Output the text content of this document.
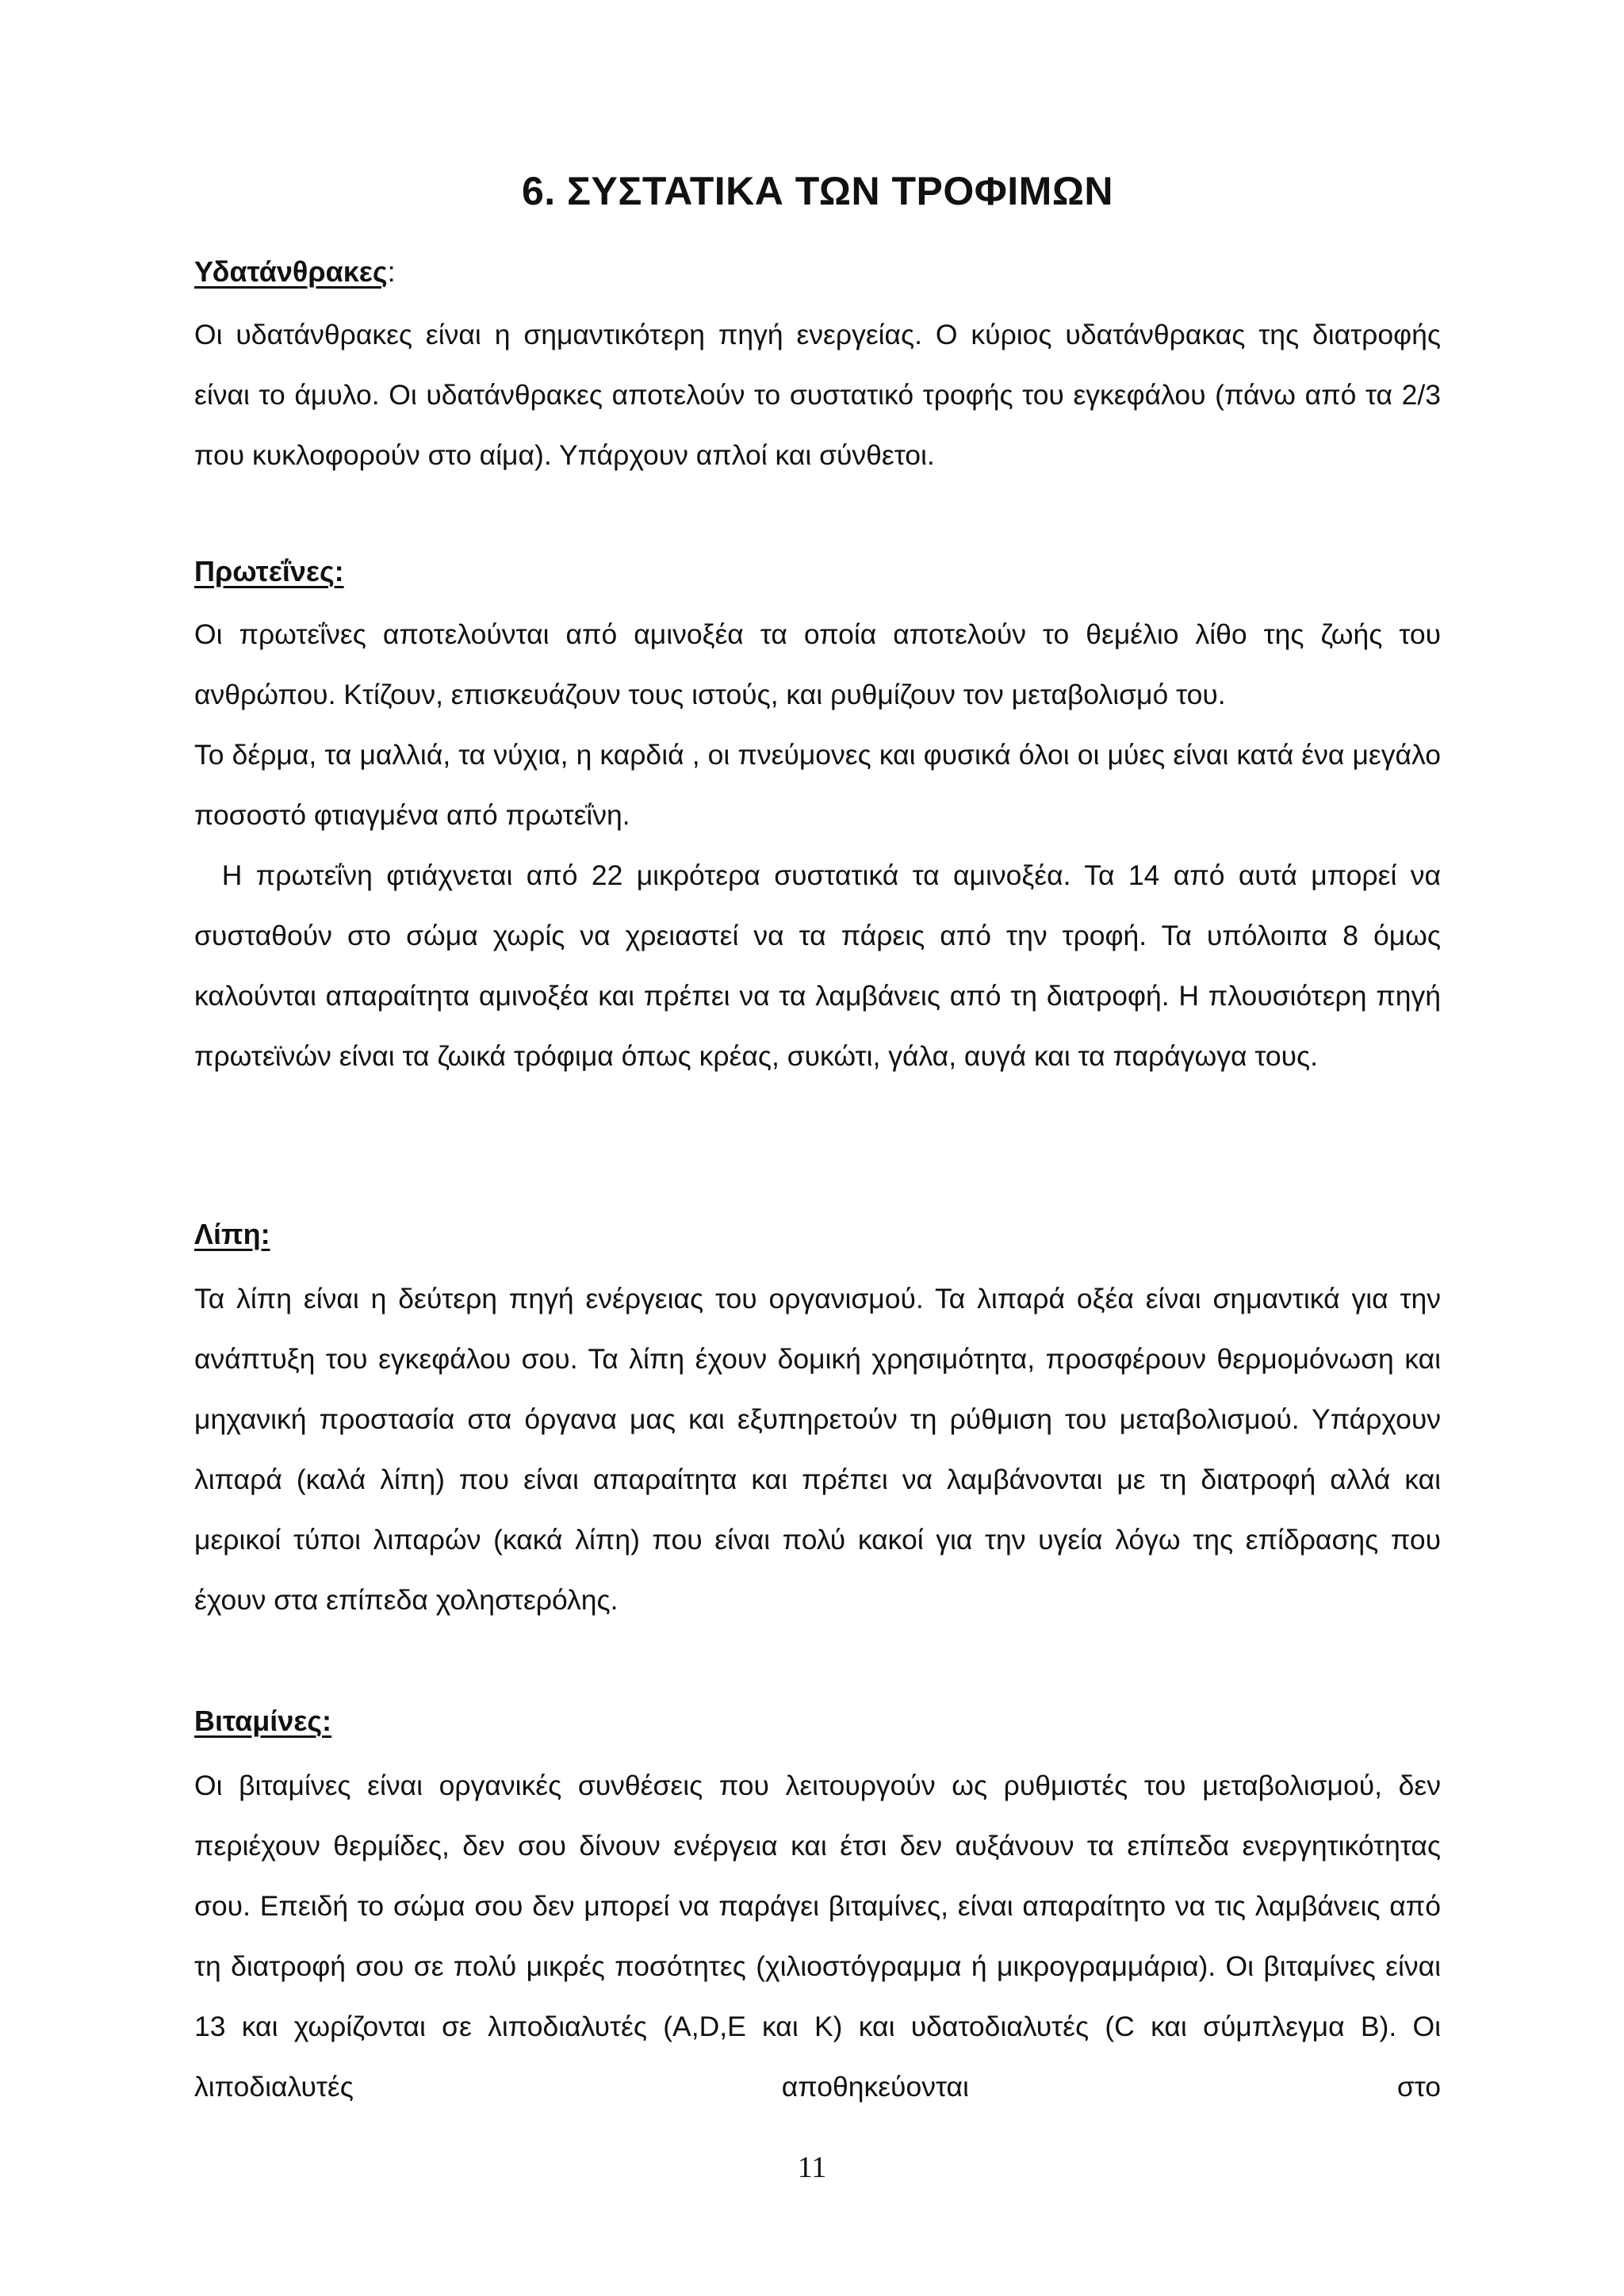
6. ΣΥΣΤΑΤΙΚΑ ΤΩΝ ΤΡΟΦΙΜΩΝ
Υδατάνθρακες:

Οι υδατάνθρακες είναι η σημαντικότερη πηγή ενεργείας. Ο κύριος υδατάνθρακας της διατροφής είναι το άμυλο. Οι υδατάνθρακες αποτελούν το συστατικό τροφής του εγκεφάλου (πάνω από τα 2/3 που κυκλοφορούν στο αίμα). Υπάρχουν απλοί και σύνθετοι.

Πρωτεΐνες:

Οι πρωτεΐνες αποτελούνται από αμινοξέα τα οποία αποτελούν το θεμέλιο λίθο της ζωής του ανθρώπου. Κτίζουν, επισκευάζουν τους ιστούς, και ρυθμίζουν τον μεταβολισμό του.

Το δέρμα, τα μαλλιά, τα νύχια, η καρδιά , οι πνεύμονες και φυσικά όλοι οι μύες είναι κατά ένα μεγάλο ποσοστό φτιαγμένα από πρωτεΐνη.

Η πρωτεΐνη φτιάχνεται από 22 μικρότερα συστατικά τα αμινοξέα. Τα 14 από αυτά μπορεί να συσταθούν στο σώμα χωρίς να χρειαστεί να τα πάρεις από την τροφή. Τα υπόλοιπα 8 όμως καλούνται απαραίτητα αμινοξέα και πρέπει να τα λαμβάνεις από τη διατροφή. Η πλουσιότερη πηγή πρωτεϊνών είναι τα ζωικά τρόφιμα όπως κρέας, συκώτι, γάλα, αυγά και τα παράγωγα τους.

Λίπη:

Τα λίπη είναι η δεύτερη πηγή ενέργειας του οργανισμού. Τα λιπαρά οξέα είναι σημαντικά για την ανάπτυξη του εγκεφάλου σου. Τα λίπη έχουν δομική χρησιμότητα, προσφέρουν θερμομόνωση και μηχανική προστασία στα όργανα μας και εξυπηρετούν τη ρύθμιση του μεταβολισμού. Υπάρχουν λιπαρά (καλά λίπη) που είναι απαραίτητα και πρέπει να λαμβάνονται με τη διατροφή αλλά και μερικοί τύποι λιπαρών (κακά λίπη) που είναι πολύ κακοί για την υγεία λόγω της επίδρασης που έχουν στα επίπεδα χοληστερόλης.

Βιταμίνες:

Οι βιταμίνες είναι οργανικές συνθέσεις που λειτουργούν ως ρυθμιστές του μεταβολισμού, δεν περιέχουν θερμίδες, δεν σου δίνουν ενέργεια και έτσι δεν αυξάνουν τα επίπεδα ενεργητικότητας σου. Επειδή το σώμα σου δεν μπορεί να παράγει βιταμίνες, είναι απαραίτητο να τις λαμβάνεις από τη διατροφή σου σε πολύ μικρές ποσότητες (χιλιοστόγραμμα ή μικρογραμμάρια). Οι βιταμίνες είναι 13 και χωρίζονται σε λιποδιαλυτές (A,D,E και K) και υδατοδιαλυτές (C και σύμπλεγμα B). Οι λιποδιαλυτές αποθηκεύονται στο

11
